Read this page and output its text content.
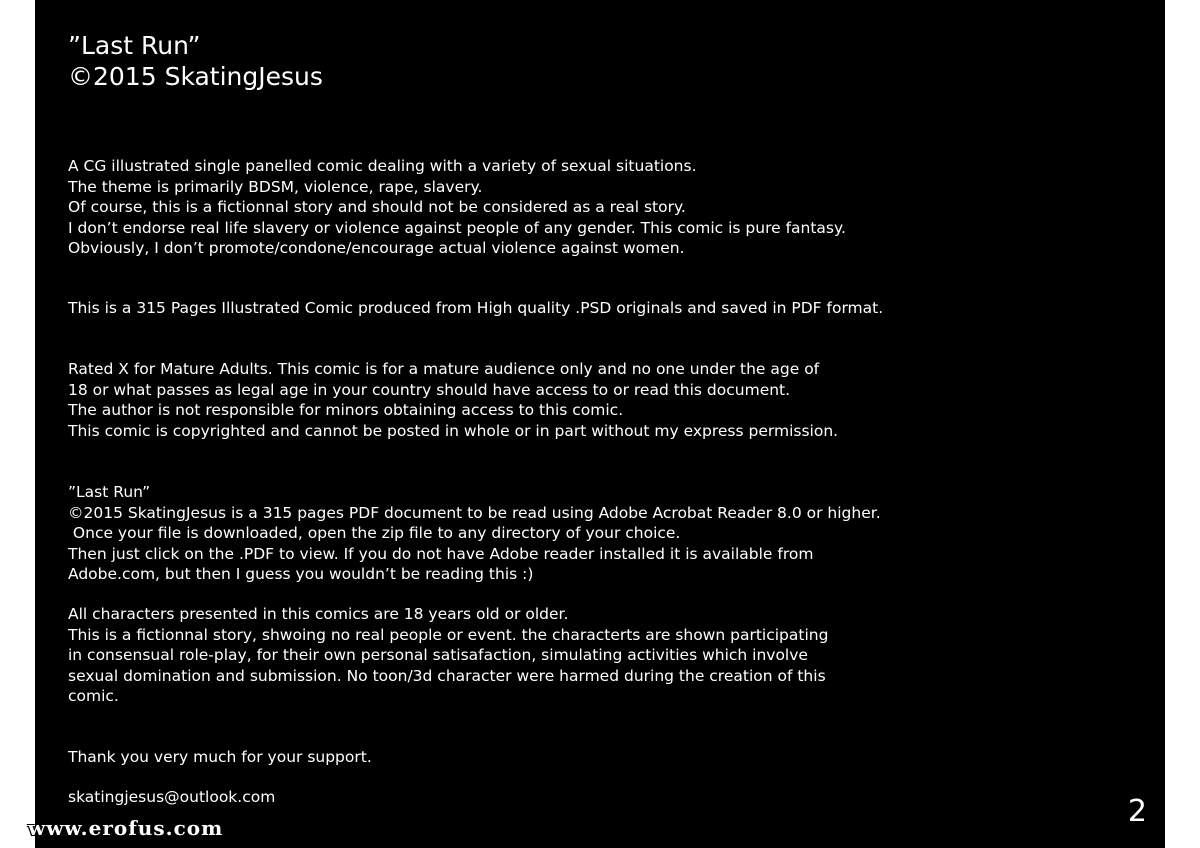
”Last Run”
©2015 SkatingJesus
A CG illustrated single panelled comic dealing with a variety of sexual situations.
The theme is primarily BDSM, violence, rape, slavery.
Of course, this is a fictionnal story and should not be considered as a real story.
I don’t endorse real life slavery or violence against people of any gender. This comic is pure fantasy.
Obviously, I don’t promote/condone/encourage actual violence against women.
This is a 315 Pages Illustrated Comic produced from High quality .PSD originals and saved in PDF format.
Rated X for Mature Adults. This comic is for a mature audience only and no one under the age of
18 or what passes as legal age in your country should have access to or read this document.
The author is not responsible for minors obtaining access to this comic.
This comic is copyrighted and cannot be posted in whole or in part without my express permission.
”Last Run”
©2015 SkatingJesus is a 315 pages PDF document to be read using Adobe Acrobat Reader 8.0 or higher.
Once your file is downloaded, open the zip file to any directory of your choice.
Then just click on the .PDF to view. If you do not have Adobe reader installed it is available from
Adobe.com, but then I guess you wouldn’t be reading this :)
All characters presented in this comics are 18 years old or older.
This is a fictionnal story, shwoing no real people or event. the characterts are shown participating
in consensual role-play, for their own personal satisafaction, simulating activities which involve
sexual domination and submission. No toon/3d character were harmed during the creation of this
comic.
Thank you very much for your support.
skatingjesus@outlook.com	2
www.erofus.com
